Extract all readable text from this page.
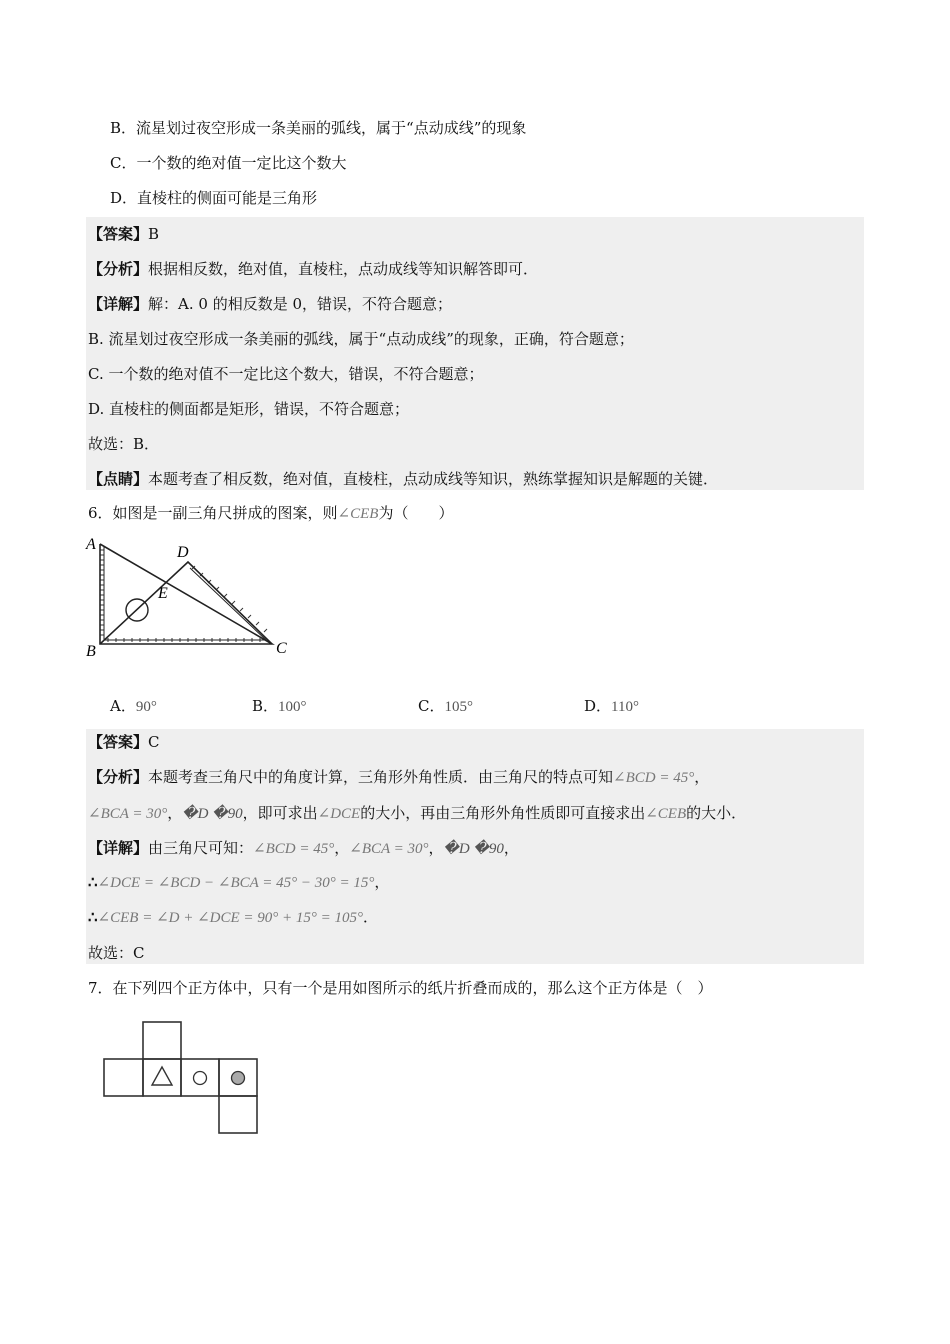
B．流星划过夜空形成一条美丽的弧线，属于“点动成线”的现象
C．一个数的绝对值一定比这个数大
D．直棱柱的侧面可能是三角形
【答案】B
【分析】根据相反数，绝对值，直棱柱，点动成线等知识解答即可．
【详解】解：A. 0 的相反数是 0，错误，不符合题意；
B. 流星划过夜空形成一条美丽的弧线，属于“点动成线”的现象，正确，符合题意；
C. 一个数的绝对值不一定比这个数大，错误，不符合题意；
D. 直棱柱的侧面都是矩形，错误，不符合题意；
故选：B．
【点睛】本题考查了相反数，绝对值，直棱柱，点动成线等知识，熟练掌握知识是解题的关键．
6．如图是一副三角尺拼成的图案，则∠CEB为（　　）
A	D
E
B	C
A．90°	B．100°	C．105°	D．110°
【答案】C
【分析】本题考查三角尺中的角度计算，三角形外角性质．由三角尺的特点可知∠BCD = 45°，
∠BCA = 30°，�D �90，即可求出∠DCE的大小，再由三角形外角性质即可直接求出∠CEB的大小．
【详解】由三角尺可知：∠BCD = 45°，∠BCA = 30°，�D �90，
∴∠DCE = ∠BCD − ∠BCA = 45° − 30° = 15°，
∴∠CEB = ∠D + ∠DCE = 90° + 15° = 105°．
故选：C
7．在下列四个正方体中，只有一个是用如图所示的纸片折叠而成的，那么这个正方体是（　）
